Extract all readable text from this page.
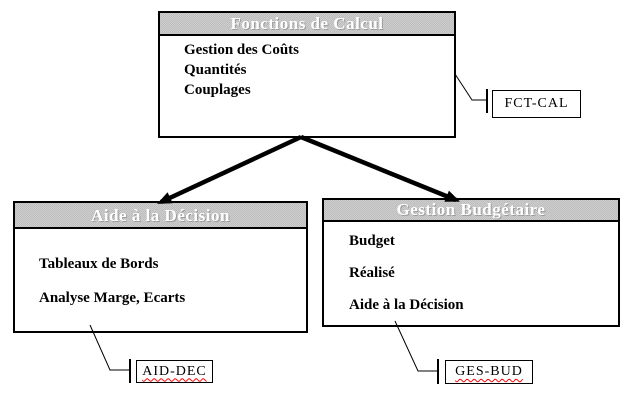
Fonctions de Calcul
Gestion des Coûts
Quantités
Couplages
Aide à la Décision
Tableaux de Bords
Analyse Marge, Ecarts
Gestion Budgétaire
Budget
Réalisé
Aide à la Décision
FCT-CAL
AID-DEC	GES-BUD
